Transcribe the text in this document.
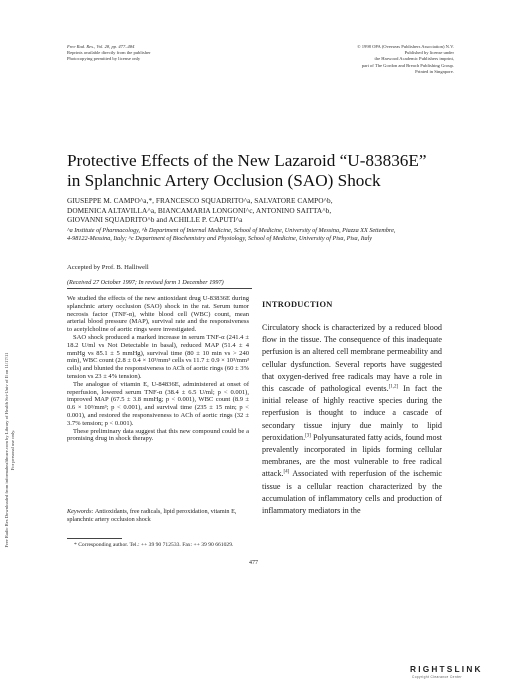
Free Rad. Res., Vol. 28, pp. 477–484
Reprints available directly from the publisher
Photocopying permitted by license only
© 1998 OPA (Overseas Publishers Association) N.V.
Published by license under
the Harwood Academic Publishers imprint,
part of The Gordon and Breach Publishing Group.
Printed in Singapore.
Free Radic Res Downloaded from informahealthcare.com by Library of Health Sci-Univ of Il on 11/17/11 For personal use only.
Protective Effects of the New Lazaroid “U-83836E”
in Splanchnic Artery Occlusion (SAO) Shock
GIUSEPPE M. CAMPO^a,*, FRANCESCO SQUADRITO^a, SALVATORE CAMPO^b,
DOMENICA ALTAVILLA^a, BIANCAMARIA LONGONI^c, ANTONINO SAITTA^b,
GIOVANNI SQUADRITO^b and ACHILLE P. CAPUTI^a
^a Institute of Pharmacology, ^b Department of Internal Medicine, School of Medicine, University of Messina, Piazza XX Settembre,
4-98122-Messina, Italy; ^c Department of Biochemistry and Physiology, School of Medicine, University of Pisa, Pisa, Italy
Accepted by Prof. B. Halliwell
(Received 27 October 1997; In revised form 1 December 1997)

We studied the effects of the new antioxidant drug U-83836E during splanchnic artery occlusion (SAO) shock in the rat. Serum tumor necrosis factor (TNF-α), white blood cell (WBC) count, mean arterial blood pressure (MAP), survival rate and the responsiveness to acetylcholine of aortic rings were investigated.

SAO shock produced a marked increase in serum TNF-α (241.4 ± 18.2 U/ml vs Not Detectable in basal), reduced MAP (51.4 ± 4 mmHg vs 85.1 ± 5 mmHg), survival time (80 ± 10 min vs > 240 min), WBC count (2.8 ± 0.4 × 10³/mm³ cells vs 11.7 ± 0.9 × 10³/mm³ cells) and blunted the responsiveness to ACh of aortic rings (60 ± 3% tension vs 23 ± 4% tension).

The analogue of vitamin E, U-84836E, administered at onset of reperfusion, lowered serum TNF-α (38.4 ± 6.5 U/ml; p < 0.001), improved MAP (67.5 ± 3.8 mmHg; p < 0.001), WBC count (8.9 ± 0.6 × 10³/mm³; p < 0.001), and survival time (235 ± 15 min; p < 0.001), and restored the responsiveness to ACh of aortic rings (32 ± 3.7% tension; p < 0.001).

These preliminary data suggest that this new compound could be a promising drug in shock therapy.

Keywords: Antioxidants, free radicals, lipid peroxidation, vitamin E, splanchnic artery occlusion shock
INTRODUCTION
Circulatory shock is characterized by a reduced blood flow in the tissue. The consequence of this inadequate perfusion is an altered cell membrane permeability and cellular dysfunction. Several reports have suggested that oxygen-derived free radicals may have a role in this cascade of pathological events.[1,2] In fact the initial release of highly reactive species during the reperfusion is thought to induce a cascade of secondary tissue injury due mainly to lipid peroxidation.[3] Polyunsaturated fatty acids, found most prevalently incorporated in lipids forming cellular membranes, are the most vulnerable to free radical attack.[4] Associated with reperfusion of the ischemic tissue is a cellular reaction characterized by the accumulation of inflammatory cells and production of inflammatory mediators in the
* Corresponding author. Tel.: ++ 39 90 712533. Fax: ++ 39 90 661029.
477
RIGHTSLINK
Copyright Clearance Center
